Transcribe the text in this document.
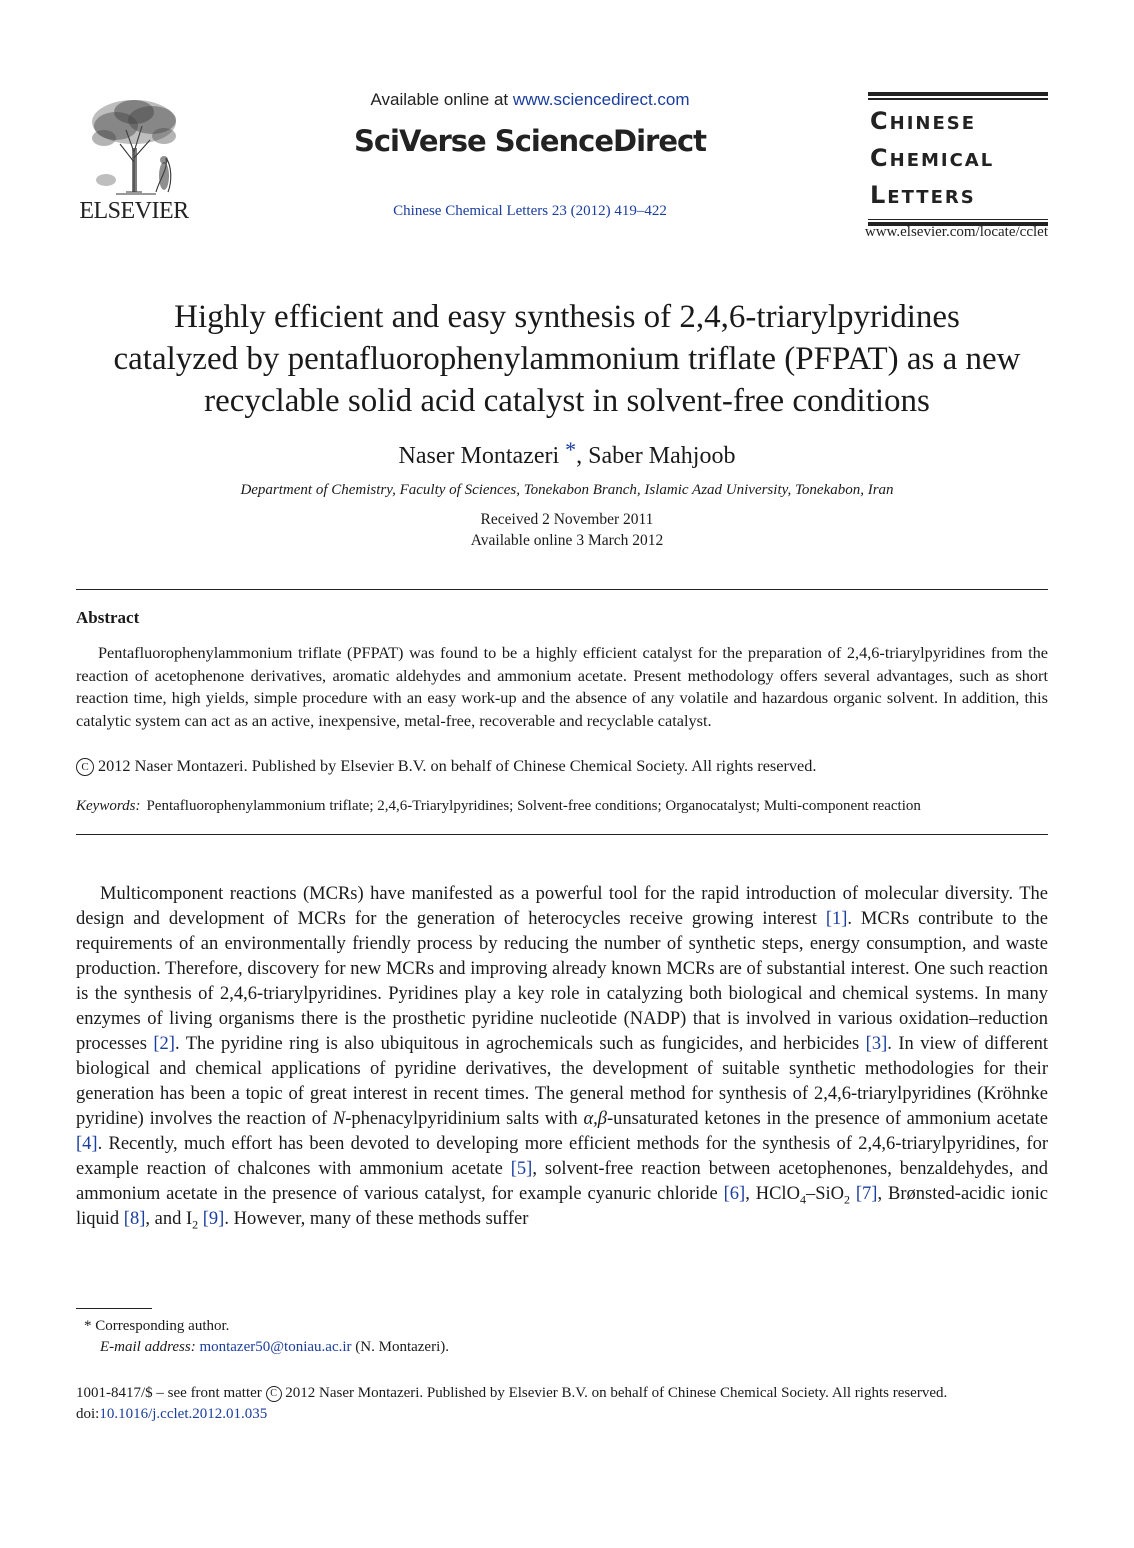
ELSEVIER
Available online at www.sciencedirect.com
SciVerse ScienceDirect
Chinese Chemical Letters 23 (2012) 419–422
CHINESE
CHEMICAL
LETTERS
www.elsevier.com/locate/cclet
Highly efficient and easy synthesis of 2,4,6-triarylpyridines
catalyzed by pentafluorophenylammonium triflate (PFPAT) as a new
recyclable solid acid catalyst in solvent-free conditions
Naser Montazeri *, Saber Mahjoob
Department of Chemistry, Faculty of Sciences, Tonekabon Branch, Islamic Azad University, Tonekabon, Iran
Received 2 November 2011
Available online 3 March 2012
Abstract

Pentafluorophenylammonium triflate (PFPAT) was found to be a highly efficient catalyst for the preparation of 2,4,6-triarylpyridines from the reaction of acetophenone derivatives, aromatic aldehydes and ammonium acetate. Present methodology offers several advantages, such as short reaction time, high yields, simple procedure with an easy work-up and the absence of any volatile and hazardous organic solvent. In addition, this catalytic system can act as an active, inexpensive, metal-free, recoverable and recyclable catalyst.

C 2012 Naser Montazeri. Published by Elsevier B.V. on behalf of Chinese Chemical Society. All rights reserved.
Keywords: Pentafluorophenylammonium triflate; 2,4,6-Triarylpyridines; Solvent-free conditions; Organocatalyst; Multi-component reaction

Multicomponent reactions (MCRs) have manifested as a powerful tool for the rapid introduction of molecular diversity. The design and development of MCRs for the generation of heterocycles receive growing interest [1]. MCRs contribute to the requirements of an environmentally friendly process by reducing the number of synthetic steps, energy consumption, and waste production. Therefore, discovery for new MCRs and improving already known MCRs are of substantial interest. One such reaction is the synthesis of 2,4,6-triarylpyridines. Pyridines play a key role in catalyzing both biological and chemical systems. In many enzymes of living organisms there is the prosthetic pyridine nucleotide (NADP) that is involved in various oxidation–reduction processes [2]. The pyridine ring is also ubiquitous in agrochemicals such as fungicides, and herbicides [3]. In view of different biological and chemical applications of pyridine derivatives, the development of suitable synthetic methodologies for their generation has been a topic of great interest in recent times. The general method for synthesis of 2,4,6-triarylpyridines (Kröhnke pyridine) involves the reaction of N-phenacylpyridinium salts with α,β-unsaturated ketones in the presence of ammonium acetate [4]. Recently, much effort has been devoted to developing more efficient methods for the synthesis of 2,4,6-triarylpyridines, for example reaction of chalcones with ammonium acetate [5], solvent-free reaction between acetophenones, benzaldehydes, and ammonium acetate in the presence of various catalyst, for example cyanuric chloride [6], HClO$_4$–SiO$_2$ [7], Brønsted-acidic ionic liquid [8], and $I_2$ [9]. However, many of these methods suffer

* Corresponding author.
E-mail address: montazer50@toniau.ac.ir (N. Montazeri).
1001-8417/$ – see front matter C 2012 Naser Montazeri. Published by Elsevier B.V. on behalf of Chinese Chemical Society. All rights reserved.
doi:10.1016/j.cclet.2012.01.035
